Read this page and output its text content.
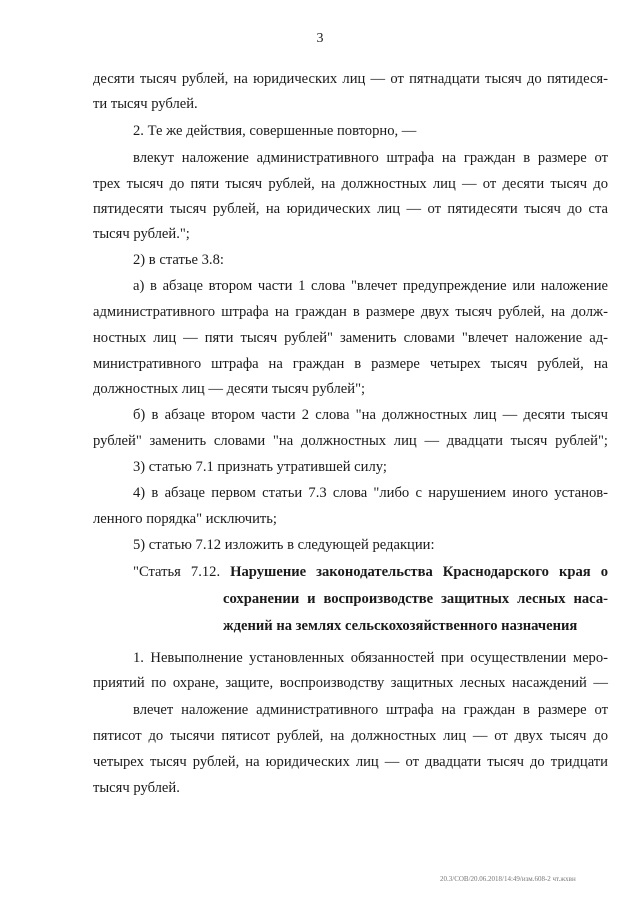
3
десяти тысяч рублей, на юридических лиц — от пятнадцати тысяч до пятидеся-
ти тысяч рублей.
2. Те же действия, совершенные повторно, —
влекут наложение административного штрафа на граждан в размере от
трех тысяч до пяти тысяч рублей, на должностных лиц — от десяти тысяч до
пятидесяти тысяч рублей, на юридических лиц — от пятидесяти тысяч до ста
тысяч рублей.";
2) в статье 3.8:
а) в абзаце втором части 1 слова "влечет предупреждение или наложение
административного штрафа на граждан в размере двух тысяч рублей, на долж-
ностных лиц — пяти тысяч рублей" заменить словами "влечет наложение ад-
министративного штрафа на граждан в размере четырех тысяч рублей, на
должностных лиц — десяти тысяч рублей";
б) в абзаце втором части 2 слова "на должностных лиц — десяти тысяч
рублей" заменить словами "на должностных лиц — двадцати тысяч рублей";
3) статью 7.1 признать утратившей силу;
4) в абзаце первом статьи 7.3 слова "либо с нарушением иного установ-
ленного порядка" исключить;
5) статью 7.12 изложить в следующей редакции:
"Статья 7.12. Нарушение законодательства Краснодарского края о
сохранении и воспроизводстве защитных лесных наса-
ждений на землях сельскохозяйственного назначения
1. Невыполнение установленных обязанностей при осуществлении меро-
приятий по охране, защите, воспроизводству защитных лесных насаждений —
влечет наложение административного штрафа на граждан в размере от
пятисот до тысячи пятисот рублей, на должностных лиц — от двух тысяч до
четырех тысяч рублей, на юридических лиц — от двадцати тысяч до тридцати
тысяч рублей.
20.3/СОВ/20.06.2018/14:49/изм.608-2 чт.жхвн
